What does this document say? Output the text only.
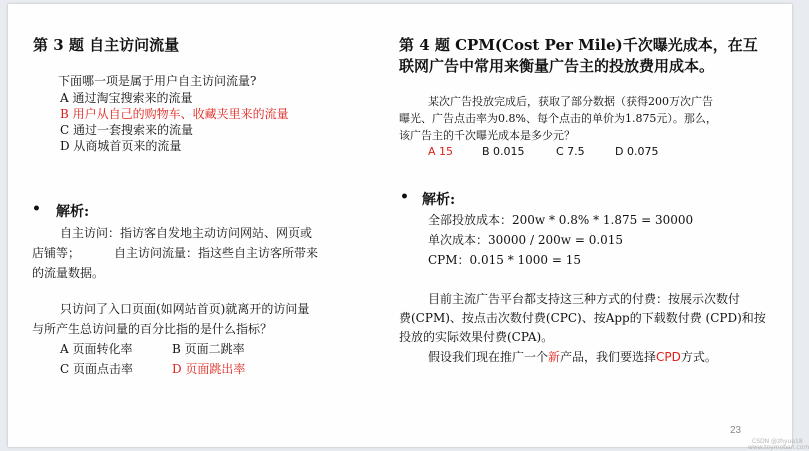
第 3 题 自主访问流量
下面哪一项是属于用户自主访问流量?
A 通过淘宝搜索来的流量
B 用户从自己的购物车、收藏夹里来的流量
C 通过一套搜索来的流量
D 从商城首页来的流量
• 解析:
自主访问：指访客自发地主动访问网站、网页或
店铺等；	自主访问流量：指这些自主访客所带来
的流量数据。
只访问了入口页面(如网站首页)就离开的访问量
与所产生总访问量的百分比指的是什么指标？
A 页面转化率	B 页面二跳率
C 页面点击率	D 页面跳出率
第 4 题 CPM(Cost Per Mile)千次曝光成本，在互
联网广告中常用来衡量广告主的投放费用成本。
某次广告投放完成后，获取了部分数据（获得200万次广告
曝光、广告点击率为0.8%、每个点击的单价为1.875元）。那么，
该广告主的千次曝光成本是多少元？
A 15	B 0.015	C 7.5	D 0.075
• 解析:
全部投放成本：200w * 0.8% * 1.875 = 30000
单次成本：30000 / 200w = 0.015
CPM：0.015 * 1000 = 15
目前主流广告平台都支持这三种方式的付费：按展示次数付
费(CPM)、按点击次数付费(CPC)、按App的下载数付费 (CPD)和按
投放的实际效果付费(CPA)。
假设我们现在推广一个新产品，我们要选择CPD方式。
23
CSDN @zhyue18
www.toymoban.com
